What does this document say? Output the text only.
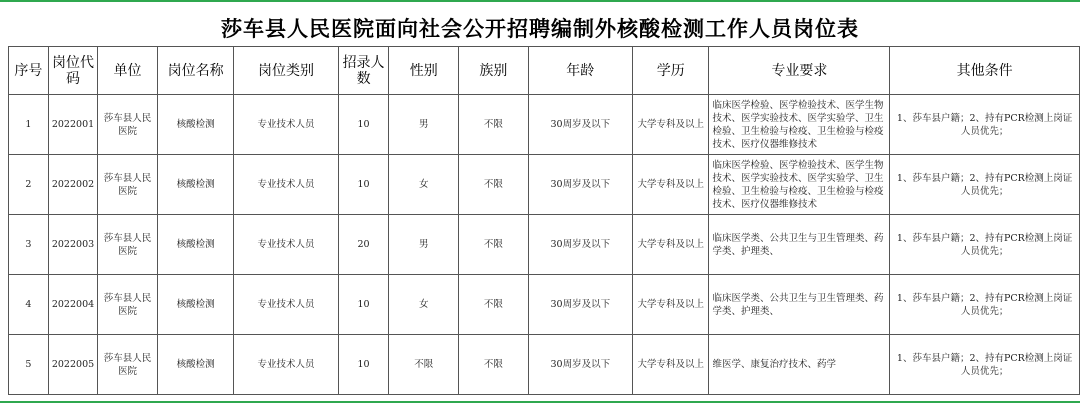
莎车县人民医院面向社会公开招聘编制外核酸检测工作人员岗位表
序号	岗位代码	单位	岗位名称	岗位类别	招录人数	性别	族别	年龄	学历	专业要求	其他条件
1	2022001	莎车县人民医院	核酸检测	专业技术人员	10	男	不限	30周岁及以下	大学专科及以上	临床医学检验、医学检验技术、医学生物技术、医学实验技术、医学实验学、卫生检验、卫生检验与检疫、卫生检验与检疫技术、医疗仪器维修技术	1、莎车县户籍；2、持有PCR检测上岗证人员优先；
2	2022002	莎车县人民医院	核酸检测	专业技术人员	10	女	不限	30周岁及以下	大学专科及以上	临床医学检验、医学检验技术、医学生物技术、医学实验技术、医学实验学、卫生检验、卫生检验与检疫、卫生检验与检疫技术、医疗仪器维修技术	1、莎车县户籍；2、持有PCR检测上岗证人员优先；
3	2022003	莎车县人民医院	核酸检测	专业技术人员	20	男	不限	30周岁及以下	大学专科及以上	临床医学类、公共卫生与卫生管理类、药学类、护理类、	1、莎车县户籍；2、持有PCR检测上岗证人员优先；
4	2022004	莎车县人民医院	核酸检测	专业技术人员	10	女	不限	30周岁及以下	大学专科及以上	临床医学类、公共卫生与卫生管理类、药学类、护理类、	1、莎车县户籍；2、持有PCR检测上岗证人员优先；
5	2022005	莎车县人民医院	核酸检测	专业技术人员	10	不限	不限	30周岁及以下	大学专科及以上	维医学、康复治疗技术、药学	1、莎车县户籍；2、持有PCR检测上岗证人员优先；
